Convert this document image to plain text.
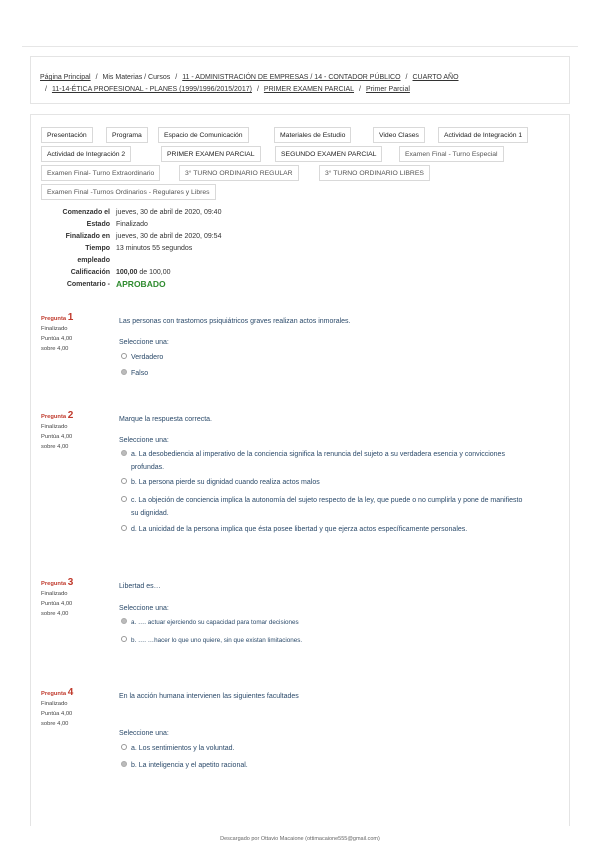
Página Principal / Mis Materias / Cursos / 11 - ADMINISTRACIÓN DE EMPRESAS / 14 - CONTADOR PÚBLICO / CUARTO AÑO
/ 11-14-ÉTICA PROFESIONAL - PLANES (1999/1996/2015/2017) / PRIMER EXAMEN PARCIAL / Primer Parcial
Presentación	Programa	Espacio de Comunicación	Materiales de Estudio	Video Clases	Actividad de Integración 1
Actividad de Integración 2	PRIMER EXAMEN PARCIAL	SEGUNDO EXAMEN PARCIAL	Examen Final - Turno Especial
Examen Final- Turno Extraordinario	3° TURNO ORDINARIO REGULAR	3° TURNO ORDINARIO LIBRES
Examen Final -Turnos Ordinarios - Regulares y Libres
Comenzado el jueves, 30 de abril de 2020, 09:40
Estado Finalizado
Finalizado en jueves, 30 de abril de 2020, 09:54
Tiempo 13 minutos 55 segundos
empleado
Calificación 100,00 de 100,00
Comentario - APROBADO
Pregunta 1
Finalizado
Puntúa 4,00
sobre 4,00
Las personas con trastornos psiquiátricos graves realizan actos inmorales.
Seleccione una:
Verdadero
Falso
Pregunta 2
Finalizado
Puntúa 4,00
sobre 4,00
Marque la respuesta correcta.
Seleccione una:
a. La desobediencia al imperativo de la conciencia significa la renuncia del sujeto a su verdadera esencia y convicciones profundas.
b. La persona pierde su dignidad cuando realiza actos malos
c. La objeción de conciencia implica la autonomía del sujeto respecto de la ley, que puede o no cumplirla y pone de manifiesto su dignidad.
d. La unicidad de la persona implica que ésta posee libertad y que ejerza actos específicamente personales.
Pregunta 3
Finalizado
Puntúa 4,00
sobre 4,00
Libertad es…
Seleccione una:
a. …. actuar ejerciendo su capacidad para tomar decisiones
b. …. …hacer lo que uno quiere, sin que existan limitaciones.
Pregunta 4
Finalizado
Puntúa 4,00
sobre 4,00
En la acción humana intervienen las siguientes facultades
Seleccione una:
a. Los sentimientos y la voluntad.
b. La inteligencia y el apetito racional.
Descargado por Ottavio Macaione (ottimacaione555@gmail.com)
